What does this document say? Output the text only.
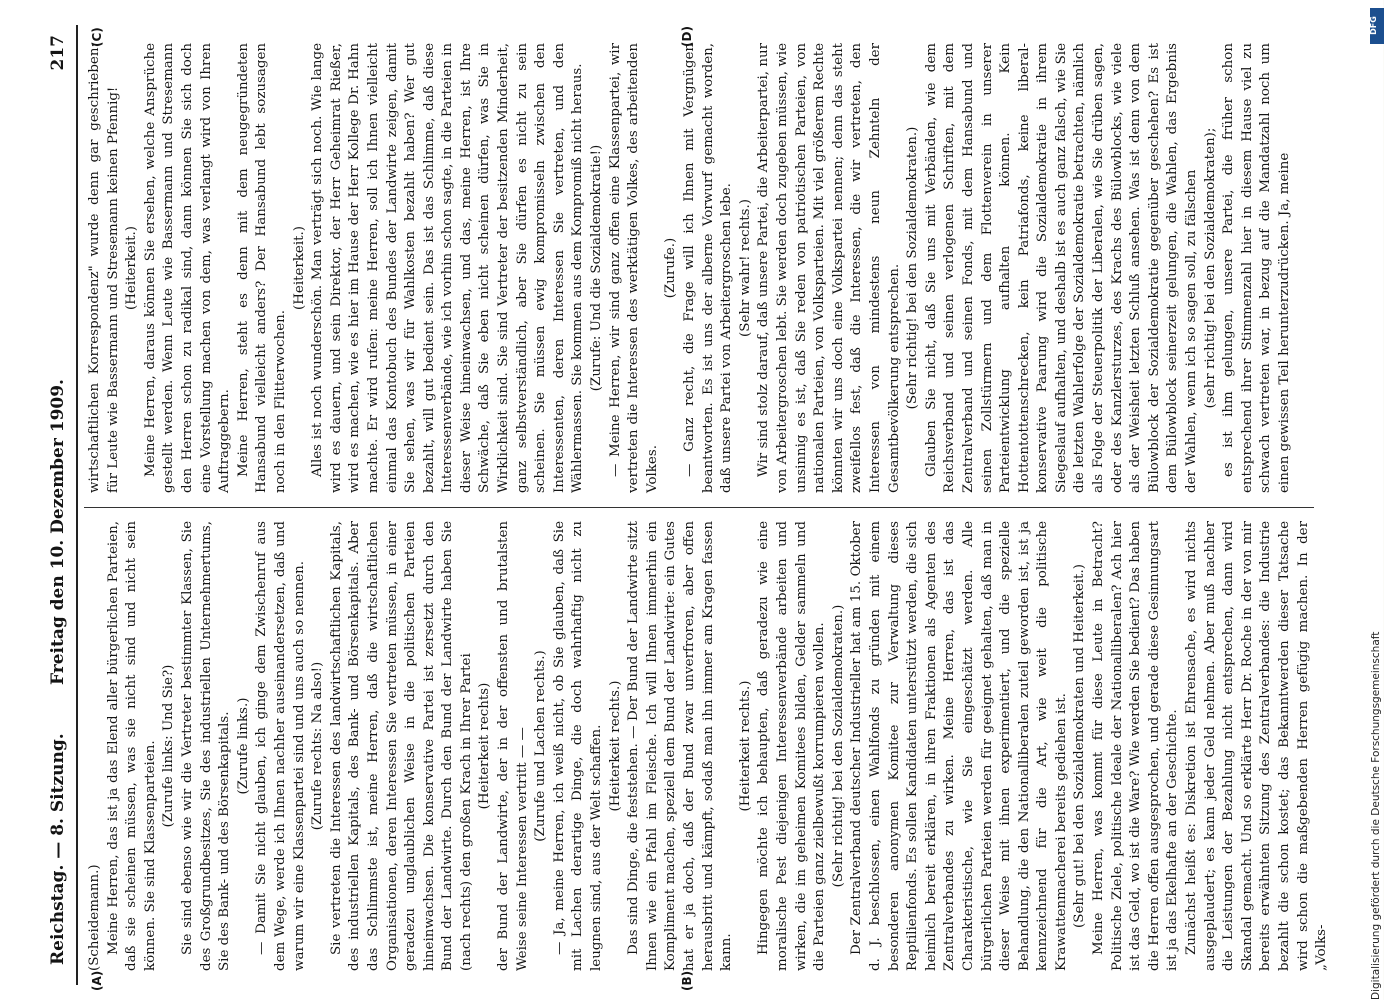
Reichstag. — 8. Sitzung.
Freitag den 10. Dezember 1909.
217

(Scheidemann.) Meine Herren, das ist ja das Elend aller bürgerlichen Parteien, daß sie scheinen müssen, was sie nicht sind und nicht sein können. Sie sind Klassenparteien. (Zurufe links: Und Sie?) Sie sind ebenso wie wir die Vertreter bestimmter Klassen, Sie des Großgrundbesitzes, Sie des industriellen Unternehmertums, Sie des Bank- und des Börsenkapitals. (Zurufe links.) — Damit Sie nicht glauben, ich ginge dem Zwischenruf aus dem Wege, werde ich Ihnen nachher auseinandersetzen, daß und warum wir eine Klassenpartei sind und uns auch so nennen. (Zurufe rechts: Na also!) Sie vertreten die Interessen des landwirtschaftlichen Kapitals, des industriellen Kapitals, des Bank- und Börsenkapitals. Aber das Schlimmste ist, meine Herren, daß die wirtschaftlichen Organisationen, deren Interessen Sie vertreten müssen, in einer geradezu unglaublichen Weise in die politischen Parteien hineinwachsen. Die konservative Partei ist zersetzt durch den Bund der Landwirte. Durch den Bund der Landwirte haben Sie (nach rechts) den großen Krach in Ihrer Partei (Heiterkeit rechts) der Bund der Landwirte, der in der offensten und brutalsten Weise seine Interessen vertritt — — (Zurufe und Lachen rechts.) — Ja, meine Herren, ich weiß nicht, ob Sie glauben, daß Sie mit Lachen derartige Dinge, die doch wahrhaftig nicht zu leugnen sind, aus der Welt schaffen. (Heiterkeit rechts.) Das sind Dinge, die feststehen. — Der Bund der Landwirte sitzt Ihnen wie ein Pfahl im Fleische. Ich will Ihnen immerhin ein Kompliment machen, speziell dem Bund der Landwirte: ein Gutes hat er ja doch, daß der Bund zwar unverfroren, aber offen herausbritt und kämpft, sodaß man ihn immer am Kragen fassen kann.

(Heiterkeit rechts.) Hingegen möchte ich behaupten, daß geradezu wie eine moralische Pest diejenigen Interessenverbände arbeiten und wirken, die im geheimen Komitees bilden, Gelder sammeln und die Parteien ganz zielbewußt korrumpieren wollen. (Sehr richtig! bei den Sozialdemokraten.) Der Zentralverband deutscher Industrieller hat am 15. Oktober d. J. beschlossen, einen Wahlfonds zu gründen mit einem besonderen anonymen Komitee zur Verwaltung dieses Reptilienfonds. Es sollen Kandidaten unterstützt werden, die sich heimlich bereit erklären, in ihren Fraktionen als Agenten des Zentralverbandes zu wirken. Meine Herren, das ist das Charakteristische, wie Sie eingeschätzt werden. Alle bürgerlichen Parteien werden für geeignet gehalten, daß man in dieser Weise mit ihnen experimentiert, und die spezielle Behandlung, die den Nationalliberalen zuteil geworden ist, ist ja kennzeichnend für die Art, wie weit die politische Krawattenmacherei bereits gediehen ist. (Sehr gut! bei den Sozialdemokraten und Heiterkeit.) Meine Herren, was kommt für diese Leute in Betracht? Politische Ziele, politische Ideale der Nationalliberalen? Ach hier ist das Geld, wo ist die Ware? Wie werden Sie bedient? Das haben die Herren offen ausgesprochen, und gerade diese Gesinnungsart ist ja das Ekelhafte an der Geschichte. Zunächst heißt es: Diskretion ist Ehrensache, es wird nichts ausgeplaudert; es kann jeder Geld nehmen. Aber muß nachher die Leistungen der Bezahlung nicht entsprechen, dann wird Skandal gemacht. Und so erklärte Herr Dr. Roche in der von mir bereits erwähnten Sitzung des Zentralverbandes: die Industrie bezahlt die schon kostet; das Bekanntwerden dieser Tatsache wird schon die maßgebenden Herren gefügig machen. In der „Volks-

wirtschaftlichen Korrespondenz" wurde denn gar geschrieben: für Leute wie Bassermann und Stresemann keinen Pfennig! (Heiterkeit.) Meine Herren, daraus können Sie ersehen, welche Ansprüche gestellt werden. Wenn Leute wie Bassermann und Stresemann den Herren schon zu radikal sind, dann können Sie sich doch eine Vorstellung machen von dem, was verlangt wird von Ihren Auftraggebern. Meine Herren, steht es denn mit dem neugegründeten Hansabund vielleicht anders? Der Hansabund lebt sozusagen noch in den Flitterwochen.

(Heiterkeit.) Alles ist noch wunderschön. Man verträgt sich noch. Wie lange wird es dauern, und sein Direktor, der Herr Geheimrat Rießer, wird es machen, wie es hier im Hause der Herr Kollege Dr. Hahn machte. Er wird rufen: meine Herren, soll ich Ihnen vielleicht einmal das Kontobuch des Bundes der Landwirte zeigen, damit Sie sehen, was wir für Wahlkosten bezahlt haben? Wer gut bezahlt, will gut bedient sein. Das ist das Schlimme, daß diese Interessenverbände, wie ich vorhin schon sagte, in die Parteien in dieser Weise hineinwachsen, und das, meine Herren, ist Ihre Schwäche, daß Sie eben nicht scheinen dürfen, was Sie in Wirklichkeit sind. Sie sind Vertreter der besitzenden Minderheit, ganz selbstverständlich, aber Sie dürfen es nicht zu sein scheinen. Sie müssen ewig kompromisseln zwischen den Interessenten, deren Interessen Sie vertreten, und den Wählermassen. Sie kommen aus dem Kompromiß nicht heraus. (Zurufe: Und die Sozialdemokratie!) — Meine Herren, wir sind ganz offen eine Klassenpartei, wir vertreten die Interessen des werktätigen Volkes, des arbeitenden Volkes.

(Zurufe.) — Ganz recht, die Frage will ich Ihnen mit Vergnügen beantworten. Es ist uns der alberne Vorwurf gemacht worden, daß unsere Partei von Arbeitergroschen lebe. (Sehr wahr! rechts.) Wir sind stolz darauf, daß unsere Partei, die Arbeiterpartei, nur von Arbeitergroschen lebt. Sie werden doch zugeben müssen, wie unsinnig es ist, daß Sie reden von patriotischen Parteien, von nationalen Parteien, von Volksparteien. Mit viel größerem Rechte könnten wir uns doch eine Volkspartei nennen; denn das steht zweifellos fest, daß die Interessen, die wir vertreten, den Interessen von mindestens neun Zehnteln der Gesamtbevölkerung entsprechen. (Sehr richtig! bei den Sozialdemokraten.) Glauben Sie nicht, daß Sie uns mit Verbänden, wie dem Reichsverband und seinen verlogenen Schriften, mit dem Zentralverband und seinen Fonds, mit dem Hansabund und seinen Zollstürmern und dem Flottenverein in unserer Parteientwicklung aufhalten können. Kein Hottentottenschrecken, kein Patriafonds, keine liberal-konservative Paarung wird die Sozialdemokratie in ihrem Siegeslauf aufhalten, und deshalb ist es auch ganz falsch, wie Sie die letzten Wahlerfolge der Sozialdemokratie betrachten, nämlich als Folge der Steuerpolitik der Liberalen, wie Sie drüben sagen, oder des Kanzlersturzes, des Krachs des Bülowblocks, wie viele als der Weisheit letzten Schluß ansehen. Was ist denn von dem Bülowblock der Sozialdemokratie gegenüber geschehen? Es ist dem Bülowblock seinerzeit gelungen, die Wahlen, das Ergebnis der Wahlen, wenn ich so sagen soll, zu fälschen (sehr richtig! bei den Sozialdemokraten); es ist ihm gelungen, unsere Partei, die früher schon entsprechend ihrer Stimmenzahl hier in diesem Hause viel zu schwach vertreten war, in bezug auf die Mandatzahl noch um einen gewissen Teil herunterzudrücken. Ja, meine

(A)	(B)
(C)	(D)
Digitalisierung gefördert durch die Deutsche Forschungsgemeinschaft
DFG
